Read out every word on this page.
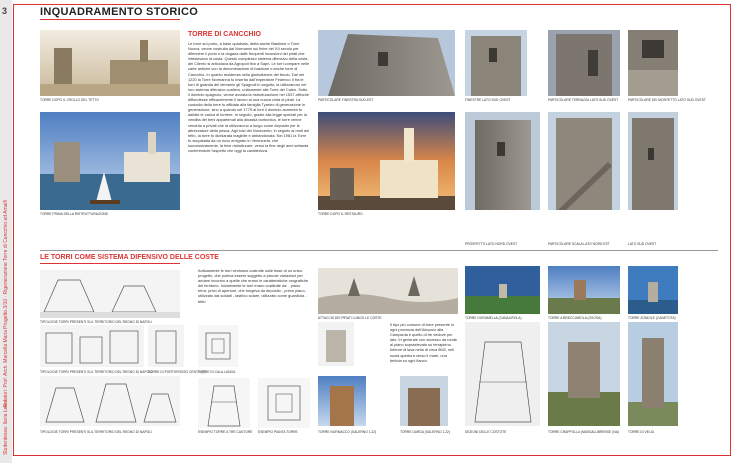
3
Progetto 3/10 · Rigenerazione Torre di Cancchio ad Amalfi
Relatori: Prof. Arch. Marcella Maria
Studentessa: Ilaria Leoni
INQUADRAMENTO STORICO
TORRE DI CANCCHIO
Le torre sul porto, a base quadrata, detta anche Bastione o Torre Nuova, venne costruita dai Normanni sul finire del XII secolo per difendere il porto e la dogana dalle frequenti incursioni dei pirati che infestavano la costa. Questo complesso sistema difensivo della costa del Cilento si articolava da Agropoli fino a Sapri. Le torri compare nelle carte antiche con la denominazione di bastione o anche torre di Cancchio. In quanto residenza nella giurisdizione del feudo. Dal net 1220 la Torre Normanna fu inserita dall'imperatore Federico II fra le torri di guardia del demanio gli Spagnoli in seguito; la utilizzarono nel loro sistema difensivo costiero, unitamente alle Torre del Caleo. Sotto il dominio spagnolo, venne avviata la ristrutturazione nel 1537 affinché diffondesse efficacemente il lavoro ai una nuova cinta di pirati. La custodia della torre fu affidata alla famiglia Tyastro di generazione in generazione, sino a quando nel 1779 ai torri il dominio aumenta fu adibite le carica di torriere. In seguito, grazie alla legge speciali per la vendita dei beni appartenuti alla dinastia borbonica, le torre venne venduta a privati che la utilizzarono a lungo come deposito per le attrezzature della pesca. Agli inizi del Novecento, in seguito ai moti del tetto, la torre fu dichiarata inagibile e abbandonata. Nel 1981 la Torre fu acquistata da un ricco emigrato in Venezuela, che successivamente, la fece ristrutturare, verso la fine degli anni settanta conferendole l'aspetto che oggi la caratterizza.
TORRE DOPO IL CROLLO DEL TETTO
TORRE PRIMA DELLA RISTRUTTURAZIONE
PARTICOLARE FINESTRA SUD-EST
TORRE DOPO IL RESTAURO
FINESTRE LATO SUD OVEST	PARTICOLARE TERRAZZA LATO SUD OVEST	PARTICOLARE DEI MONTETTO LATO SUD OVEST
PROSPETTO LATO NORD OVEST	PARTICOLARE SCALA LATO NORD EST	LATO SUD OVEST
LE TORRI COME SISTEMA DIFENSIVO DELLE COSTE
Anticamente le torri venivano costruite sulle base di un unico progetto, che poteva essere soggetto a piccole variazioni per andare incontro a quelle che erano le caratteristiche orografiche del territorio. Inizialmente le torri erano costituite da: - piano terra, privo di aperture, che fungeva da deposito - primo piano, utilizzato dai soldati - lastrico solare, utilizzato come guardiola - tetto
Il tipo più comune di torre presente in ogni provincia dell'Abruzzo alla Campania è quello di tre vedove per lato. In generale con accesso da ronde al piano sopraelevato su terrapieno. Inferne di lava nella di circa 5M2, nell suola apertura verso il mare, una feritoia su ogni fianco.
TIPOLOGIE TORRI PRESENTI SUL TERRITORIO DEL REGNO DI NAPOLI
TIPOLOGIE TORRI PRESENTI SUL TERRITORIO DEL REGNO DI NAPOLI
TORRE DI PORTOROSSO CENTO (?)
TORRE DI CALA LUNGA
TIPOLOGIE TORRI PRESENTI SUL TERRITORIO DEL REGNO DI NAPOLI	ESEMPIO TORRE A TRE CASTORE ESEMPIO PIANTA TORRE
ATTACCHI DEI PIRATI LUNGO LE COSTE
TORRE NORMACCO (SALERNO 1.22)	TORRE DARDA (SALERNO 1.22)	SEZIONI DELLE COSTOTE
TORRE DORAMELLA (CANALIROLA)	TORRE A BRECCIAROLA (OSOSA)	TORRE ZONIOLE (CANETOTA)
TORRE CRAPPOLLA (MASSALUBRENSE (NA)	TORRE DI VELIA
